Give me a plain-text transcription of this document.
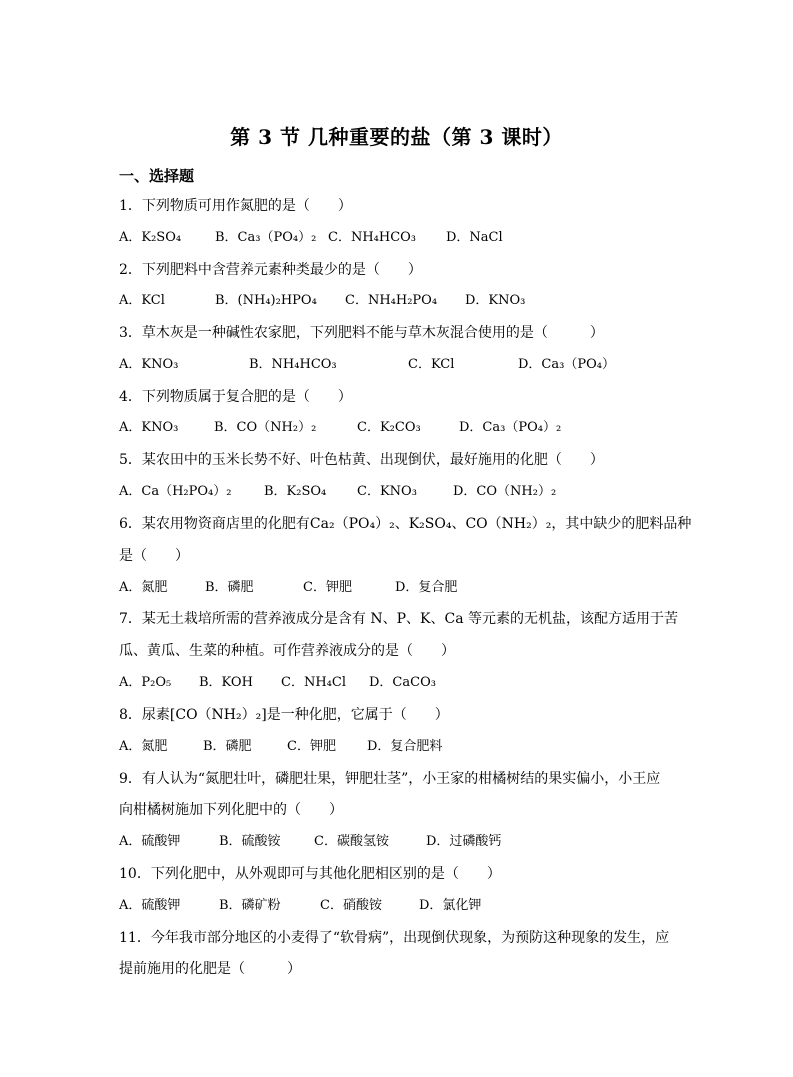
第 3 节 几种重要的盐（第 3 课时）
一、选择题
1．下列物质可用作氮肥的是（　　）
A．K₂SO₄	B．Ca₃（PO₄）₂ C．NH₄HCO₃ D．NaCl
2．下列肥料中含营养元素种类最少的是（　　）
A．KCl	B．(NH₄)₂HPO₄ C．NH₄H₂PO₄ D．KNO₃
3．草木灰是一种碱性农家肥，下列肥料不能与草木灰混合使用的是（　　　）
A．KNO₃	B．NH₄HCO₃	C．KCl	D．Ca₃（PO₄）
4．下列物质属于复合肥的是（　　）
A．KNO₃	B．CO（NH₂）₂	C．K₂CO₃	D．Ca₃（PO₄）₂
5．某农田中的玉米长势不好、叶色枯黄、出现倒伏，最好施用的化肥（　　）
A．Ca（H₂PO₄）₂	B．K₂SO₄ C．KNO₃	D．CO（NH₂）₂
6．某农用物资商店里的化肥有Ca₂（PO₄）₂、K₂SO₄、CO（NH₂）₂，其中缺少的肥料品种
是（　　）
A．氮肥	B．磷肥	C．钾肥	D．复合肥
7．某无土栽培所需的营养液成分是含有 N、P、K、Ca 等元素的无机盐，该配方适用于苦
瓜、黄瓜、生菜的种植。可作营养液成分的是（　　）
A．P₂O₅ B．KOH C．NH₄Cl D．CaCO₃
8．尿素[CO（NH₂）₂]是一种化肥，它属于（　　）
A．氮肥	B．磷肥	C．钾肥 D．复合肥料
9．有人认为“氮肥壮叶，磷肥壮果，钾肥壮茎”，小王家的柑橘树结的果实偏小，小王应
向柑橘树施加下列化肥中的（　　）
A．硫酸钾	B．硫酸铵	C．碳酸氢铵	D．过磷酸钙
10．下列化肥中，从外观即可与其他化肥相区别的是（　　）
A．硫酸钾	B．磷矿粉	C．硝酸铵	D．氯化钾
11．今年我市部分地区的小麦得了“软骨病”，出现倒伏现象，为预防这种现象的发生，应
提前施用的化肥是（　　　）
